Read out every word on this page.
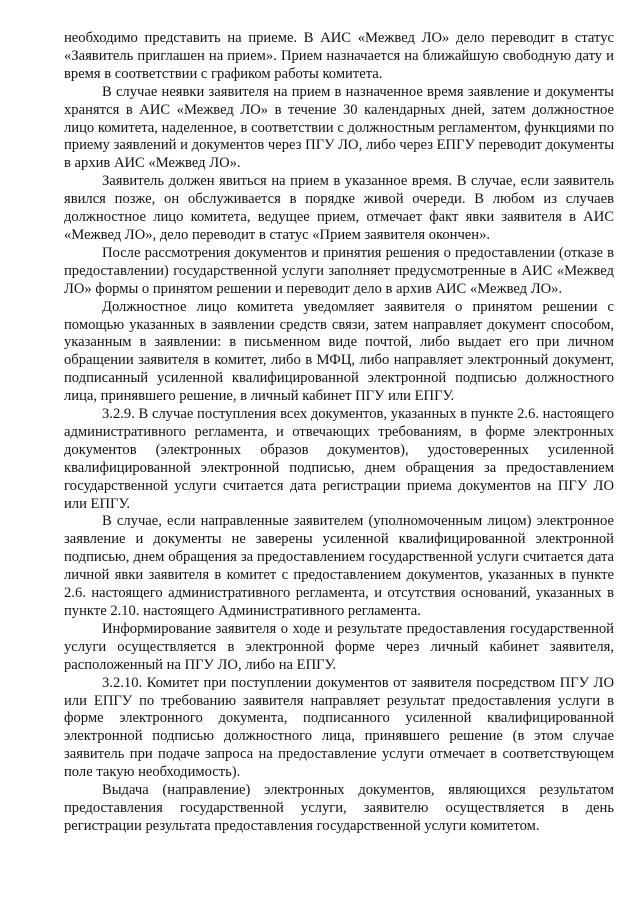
необходимо представить на приеме. В АИС «Межвед ЛО» дело переводит в статус «Заявитель приглашен на прием». Прием назначается на ближайшую свободную дату и время в соответствии с графиком работы комитета.

В случае неявки заявителя на прием в назначенное время заявление и документы хранятся в АИС «Межвед ЛО» в течение 30 календарных дней, затем должностное лицо комитета, наделенное, в соответствии с должностным регламентом, функциями по приему заявлений и документов через ПГУ ЛО, либо через ЕПГУ переводит документы в архив АИС «Межвед ЛО».

Заявитель должен явиться на прием в указанное время. В случае, если заявитель явился позже, он обслуживается в порядке живой очереди. В любом из случаев должностное лицо комитета, ведущее прием, отмечает факт явки заявителя в АИС «Межвед ЛО», дело переводит в статус «Прием заявителя окончен».

После рассмотрения документов и принятия решения о предоставлении (отказе в предоставлении) государственной услуги заполняет предусмотренные в АИС «Межвед ЛО» формы о принятом решении и переводит дело в архив АИС «Межвед ЛО».

Должностное лицо комитета уведомляет заявителя о принятом решении с помощью указанных в заявлении средств связи, затем направляет документ способом, указанным в заявлении: в письменном виде почтой, либо выдает его при личном обращении заявителя в комитет, либо в МФЦ, либо направляет электронный документ, подписанный усиленной квалифицированной электронной подписью должностного лица, принявшего решение, в личный кабинет ПГУ или ЕПГУ.

3.2.9. В случае поступления всех документов, указанных в пункте 2.6. настоящего административного регламента, и отвечающих требованиям, в форме электронных документов (электронных образов документов), удостоверенных усиленной квалифицированной электронной подписью, днем обращения за предоставлением государственной услуги считается дата регистрации приема документов на ПГУ ЛО или ЕПГУ.

В случае, если направленные заявителем (уполномоченным лицом) электронное заявление и документы не заверены усиленной квалифицированной электронной подписью, днем обращения за предоставлением государственной услуги считается дата личной явки заявителя в комитет с предоставлением документов, указанных в пункте 2.6. настоящего административного регламента, и отсутствия оснований, указанных в пункте 2.10. настоящего Административного регламента.

Информирование заявителя о ходе и результате предоставления государственной услуги осуществляется в электронной форме через личный кабинет заявителя, расположенный на ПГУ ЛО, либо на ЕПГУ.

3.2.10. Комитет при поступлении документов от заявителя посредством ПГУ ЛО или ЕПГУ по требованию заявителя направляет результат предоставления услуги в форме электронного документа, подписанного усиленной квалифицированной электронной подписью должностного лица, принявшего решение (в этом случае заявитель при подаче запроса на предоставление услуги отмечает в соответствующем поле такую необходимость).

Выдача (направление) электронных документов, являющихся результатом предоставления государственной услуги, заявителю осуществляется в день регистрации результата предоставления государственной услуги комитетом.
